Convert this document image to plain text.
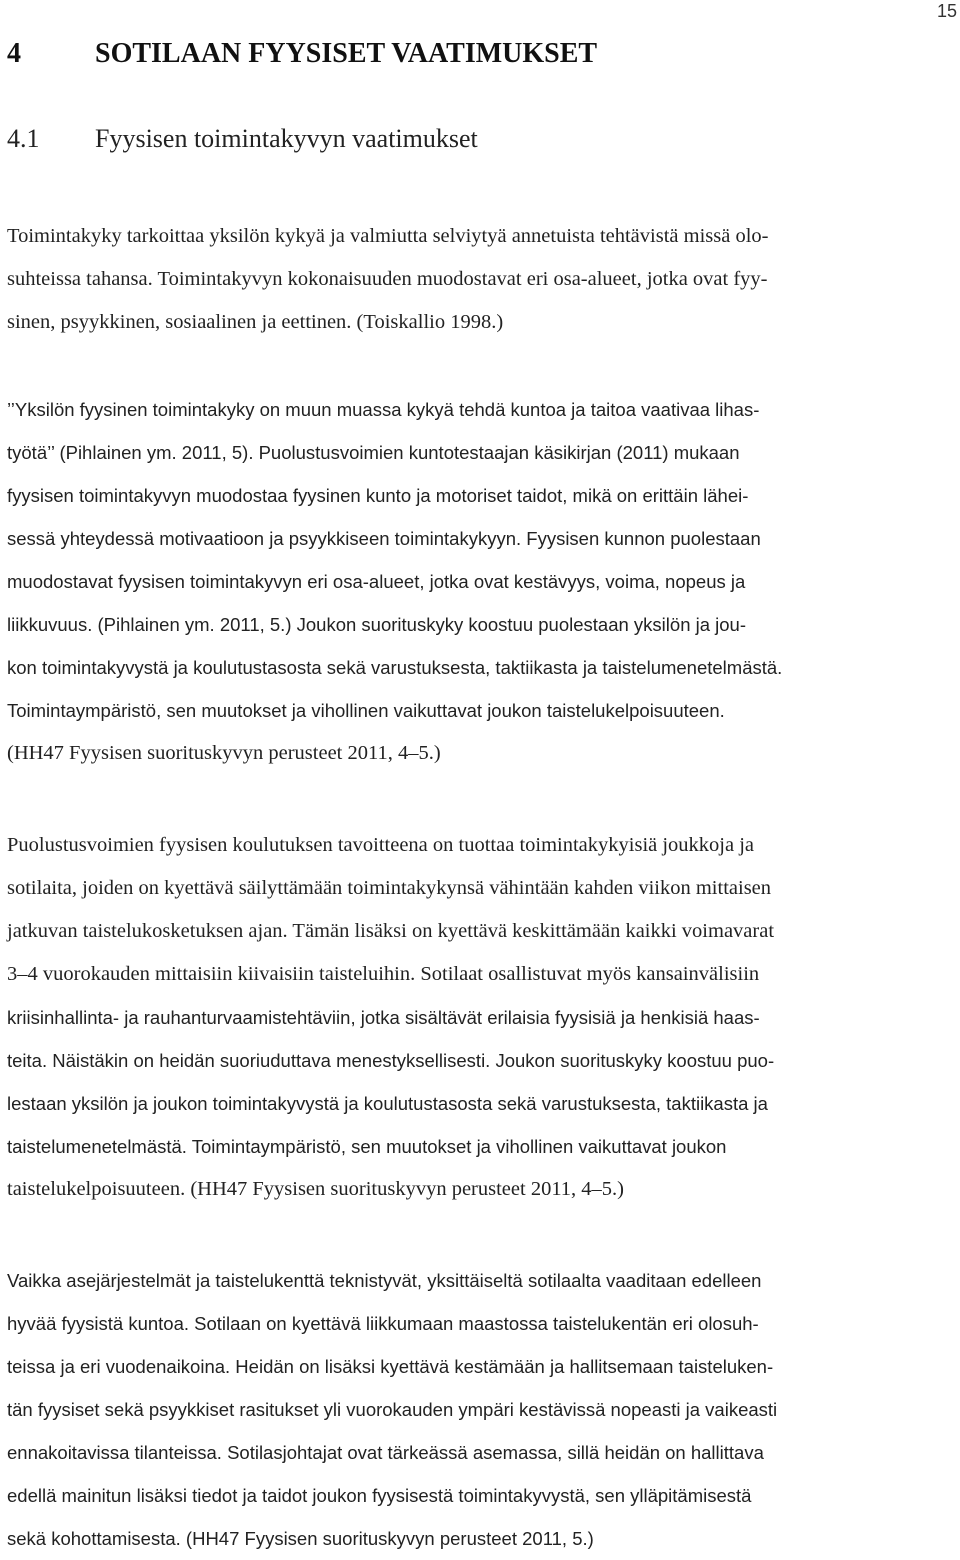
15
4	SOTILAAN FYYSISET VAATIMUKSET
4.1 Fyysisen toimintakyvyn vaatimukset
Toimintakyky tarkoittaa yksilön kykyä ja valmiutta selviytyä annetuista tehtävistä missä olo-
suhteissa tahansa. Toimintakyvyn kokonaisuuden muodostavat eri osa-alueet, jotka ovat fyy-
sinen, psyykkinen, sosiaalinen ja eettinen. (Toiskallio 1998.)
’’Yksilön fyysinen toimintakyky on muun muassa kykyä tehdä kuntoa ja taitoa vaativaa lihas-
työtä’’ (Pihlainen ym. 2011, 5). Puolustusvoimien kuntotestaajan käsikirjan (2011) mukaan
fyysisen toimintakyvyn muodostaa fyysinen kunto ja motoriset taidot, mikä on erittäin lähei-
sessä yhteydessä motivaatioon ja psyykkiseen toimintakykyyn. Fyysisen kunnon puolestaan
muodostavat fyysisen toimintakyvyn eri osa-alueet, jotka ovat kestävyys, voima, nopeus ja
liikkuvuus. (Pihlainen ym. 2011, 5.) Joukon suorituskyky koostuu puolestaan yksilön ja jou-
kon toimintakyvystä ja koulutustasosta sekä varustuksesta, taktiikasta ja taistelumenetelmästä.
Toimintaympäristö, sen muutokset ja vihollinen vaikuttavat joukon taistelukelpoisuuteen.
(HH47 Fyysisen suorituskyvyn perusteet 2011, 4–5.)
Puolustusvoimien fyysisen koulutuksen tavoitteena on tuottaa toimintakykyisiä joukkoja ja
sotilaita, joiden on kyettävä säilyttämään toimintakykynsä vähintään kahden viikon mittaisen
jatkuvan taistelukosketuksen ajan. Tämän lisäksi on kyettävä keskittämään kaikki voimavarat
3–4 vuorokauden mittaisiin kiivaisiin taisteluihin. Sotilaat osallistuvat myös kansainvälisiin
kriisinhallinta- ja rauhanturvaamistehtäviin, jotka sisältävät erilaisia fyysisiä ja henkisiä haas-
teita. Näistäkin on heidän suoriuduttava menestyksellisesti. Joukon suorituskyky koostuu puo-
lestaan yksilön ja joukon toimintakyvystä ja koulutustasosta sekä varustuksesta, taktiikasta ja
taistelumenetelmästä. Toimintaympäristö, sen muutokset ja vihollinen vaikuttavat joukon
taistelukelpoisuuteen. (HH47 Fyysisen suorituskyvyn perusteet 2011, 4–5.)
Vaikka asejärjestelmät ja taistelukenttä teknistyvät, yksittäiseltä sotilaalta vaaditaan edelleen
hyvää fyysistä kuntoa. Sotilaan on kyettävä liikkumaan maastossa taistelukentän eri olosuh-
teissa ja eri vuodenaikoina. Heidän on lisäksi kyettävä kestämään ja hallitsemaan taisteluken-
tän fyysiset sekä psyykkiset rasitukset yli vuorokauden ympäri kestävissä nopeasti ja vaikeasti
ennakoitavissa tilanteissa. Sotilasjohtajat ovat tärkeässä asemassa, sillä heidän on hallittava
edellä mainitun lisäksi tiedot ja taidot joukon fyysisestä toimintakyvystä, sen ylläpitämisestä
sekä kohottamisesta. (HH47 Fyysisen suorituskyvyn perusteet 2011, 5.)
